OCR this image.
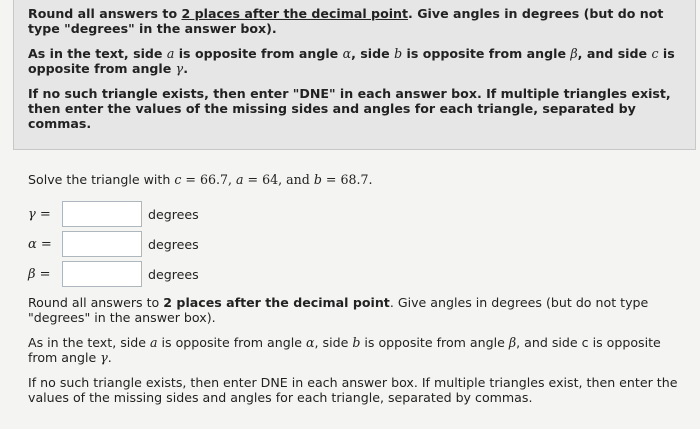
Round all answers to 2 places after the decimal point. Give angles in degrees (but do not type "degrees" in the answer box).

As in the text, side a is opposite from angle α, side b is opposite from angle β, and side c is opposite from angle γ.

If no such triangle exists, then enter "DNE" in each answer box. If multiple triangles exist, then enter the values of the missing sides and angles for each triangle, separated by commas.

Solve the triangle with c = 66.7, a = 64, and b = 68.7.
γ =	degrees
α =	degrees
β =	degrees

Round all answers to 2 places after the decimal point. Give angles in degrees (but do not type "degrees" in the answer box).

As in the text, side a is opposite from angle α, side b is opposite from angle β, and side c is opposite from angle γ.

If no such triangle exists, then enter DNE in each answer box. If multiple triangles exist, then enter the values of the missing sides and angles for each triangle, separated by commas.
